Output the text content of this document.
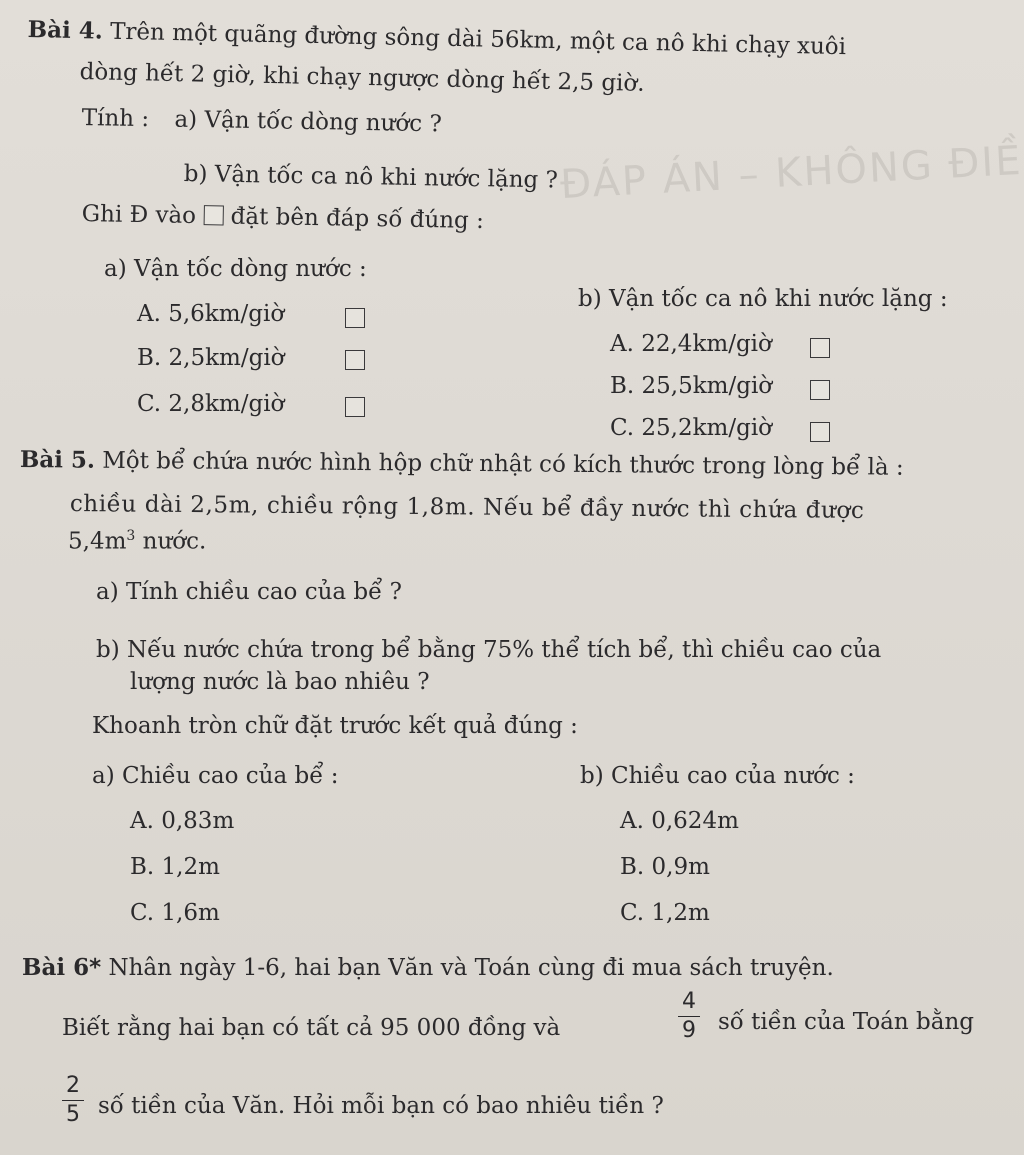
ĐÁP ÁN – KHÔNG ĐIỀ
Bài 4. Trên một quãng đường sông dài 56km, một ca nô khi chạy xuôi
dòng hết 2 giờ, khi chạy ngược dòng hết 2,5 giờ.
Tính : a) Vận tốc dòng nước ?
b) Vận tốc ca nô khi nước lặng ?
Ghi Đ vào đặt bên đáp số đúng :
a) Vận tốc dòng nước :
A. 5,6km/giờ
B. 2,5km/giờ
C. 2,8km/giờ
b) Vận tốc ca nô khi nước lặng :
A. 22,4km/giờ
B. 25,5km/giờ
C. 25,2km/giờ
Bài 5. Một bể chứa nước hình hộp chữ nhật có kích thước trong lòng bể là :
chiều dài 2,5m, chiều rộng 1,8m. Nếu bể đầy nước thì chứa được
$5,4m^3$ nước.
a) Tính chiều cao của bể ?
b) Nếu nước chứa trong bể bằng 75% thể tích bể, thì chiều cao của
lượng nước là bao nhiêu ?
Khoanh tròn chữ đặt trước kết quả đúng :
a) Chiều cao của bể :
A. 0,83m
B. 1,2m
C. 1,6m
b) Chiều cao của nước :
A. 0,624m
B. 0,9m
C. 1,2m
Bài 6* Nhân ngày 1-6, hai bạn Văn và Toán cùng đi mua sách truyện.
Biết rằng hai bạn có tất cả 95 000 đồng và
4
9 số tiền của Toán bằng
2
5 số tiền của Văn. Hỏi mỗi bạn có bao nhiêu tiền ?
